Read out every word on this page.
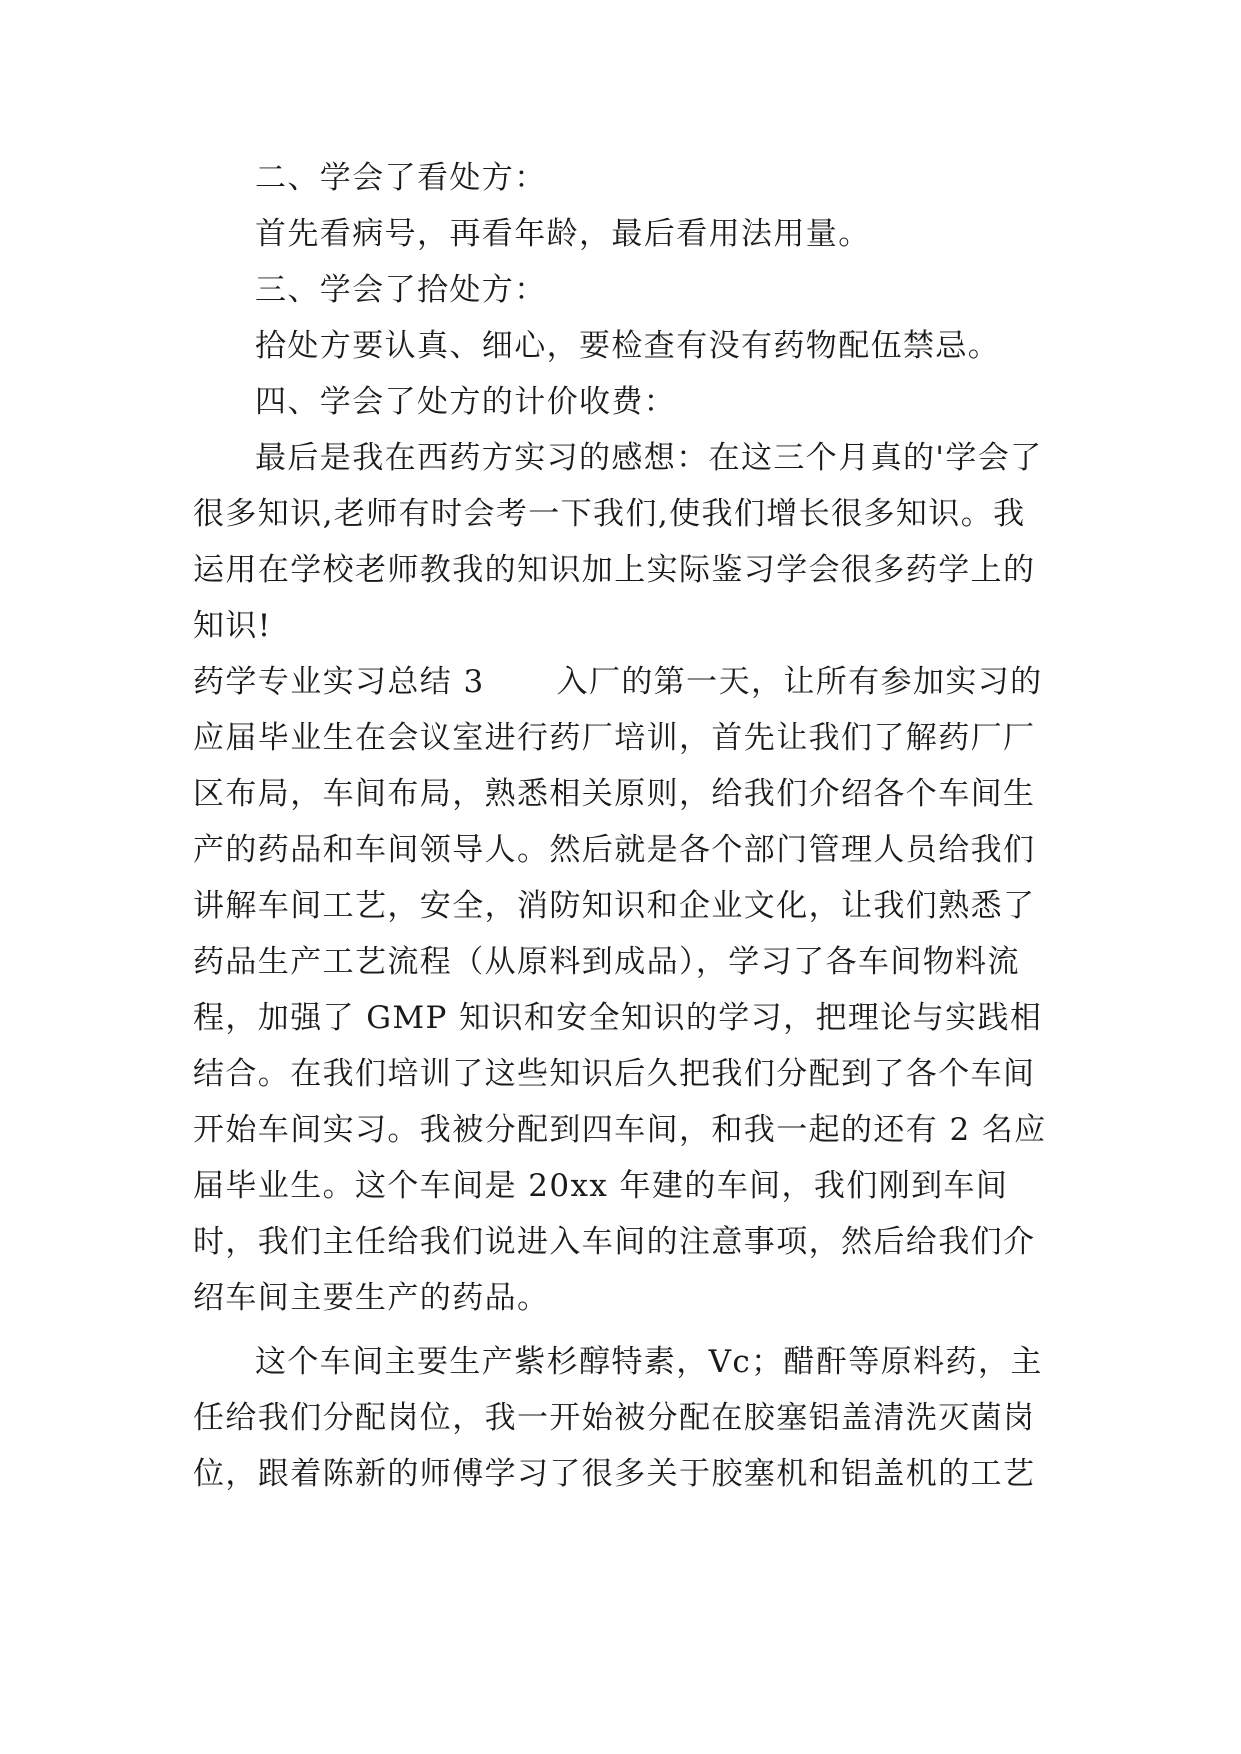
二、学会了看处方：

首先看病号，再看年龄，最后看用法用量。

三、学会了拾处方：

拾处方要认真、细心，要检查有没有药物配伍禁忌。

四、学会了处方的计价收费：

最后是我在西药方实习的感想：在这三个月真的'学会了很多知识,老师有时会考一下我们,使我们增长很多知识。我运用在学校老师教我的知识加上实际鉴习学会很多药学上的知识!

药学专业实习总结 3 入厂的第一天，让所有参加实习的应届毕业生在会议室进行药厂培训，首先让我们了解药厂厂区布局，车间布局，熟悉相关原则，给我们介绍各个车间生产的药品和车间领导人。然后就是各个部门管理人员给我们讲解车间工艺，安全，消防知识和企业文化，让我们熟悉了药品生产工艺流程（从原料到成品），学习了各车间物料流程，加强了 GMP 知识和安全知识的学习，把理论与实践相结合。在我们培训了这些知识后久把我们分配到了各个车间开始车间实习。我被分配到四车间，和我一起的还有 2 名应届毕业生。这个车间是 20xx 年建的车间，我们刚到车间时，我们主任给我们说进入车间的注意事项，然后给我们介绍车间主要生产的药品。

这个车间主要生产紫杉醇特素，Vc；醋酐等原料药，主任给我们分配岗位，我一开始被分配在胶塞铝盖清洗灭菌岗位，跟着陈新的师傅学习了很多关于胶塞机和铝盖机的工艺
